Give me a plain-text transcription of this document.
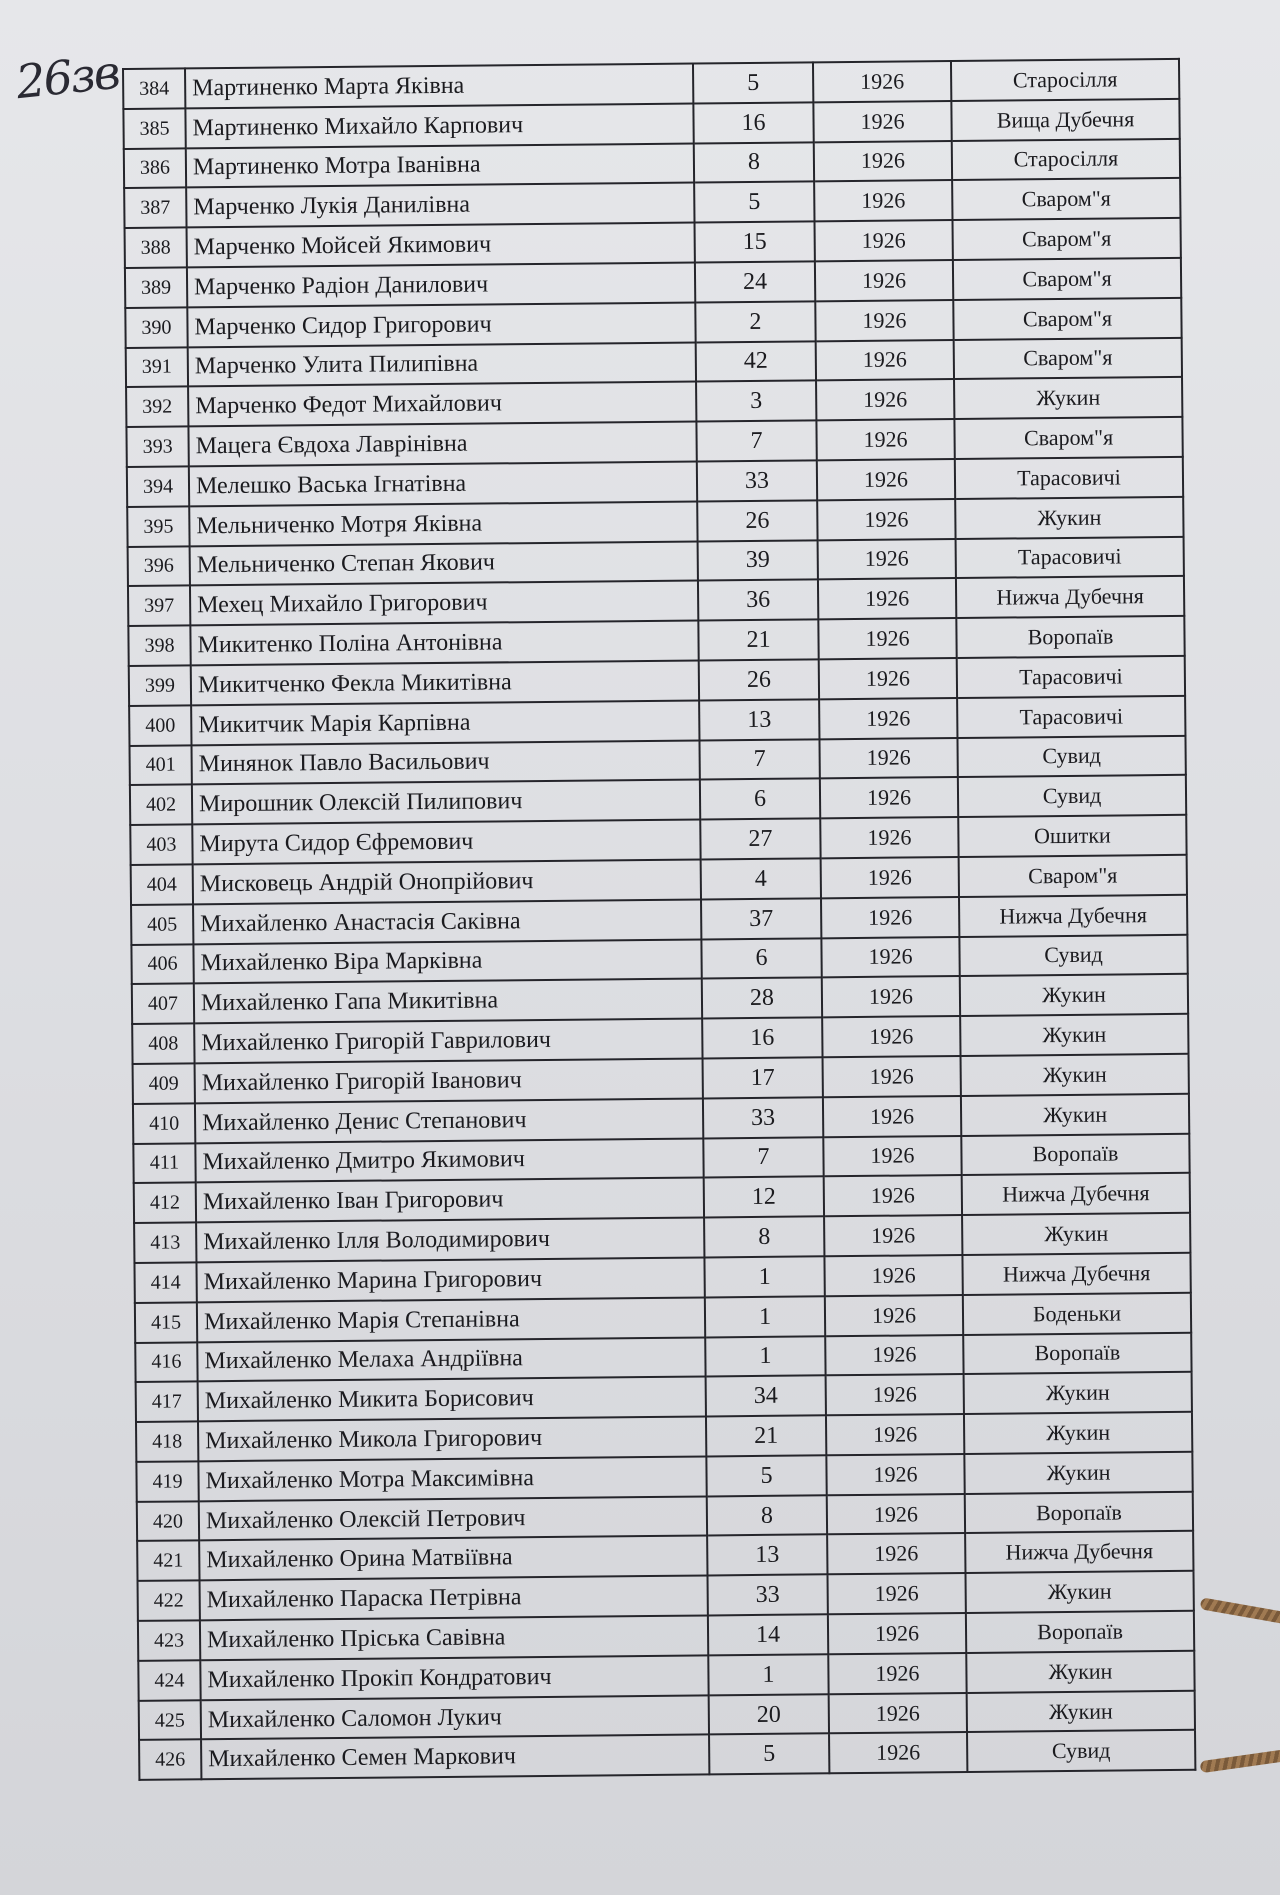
26зв 384	Мартиненко Марта Яківна	5	1926	Старосілля
385	Мартиненко Михайло Карпович	16	1926	Вища Дубечня
386	Мартиненко Мотра Іванівна	8	1926	Старосілля
387	Марченко Лукія Данилівна	5	1926	Сваром"я
388	Марченко Мойсей Якимович	15	1926	Сваром"я
389	Марченко Радіон Данилович	24	1926	Сваром"я
390	Марченко Сидор Григорович	2	1926	Сваром"я
391	Марченко Улита Пилипівна	42	1926	Сваром"я
392	Марченко Федот Михайлович	3	1926	Жукин
393	Мацега Євдоха Лаврінівна	7	1926	Сваром"я
394	Мелешко Васька Ігнатівна	33	1926	Тарасовичі
395	Мельниченко Мотря Яківна	26	1926	Жукин
396	Мельниченко Степан Якович	39	1926	Тарасовичі
397	Мехец Михайло Григорович	36	1926	Нижча Дубечня
398	Микитенко Поліна Антонівна	21	1926	Воропаїв
399	Микитченко Фекла Микитівна	26	1926	Тарасовичі
400	Микитчик Марія Карпівна	13	1926	Тарасовичі
401	Минянок Павло Васильович	7	1926	Сувид
402	Мирошник Олексій Пилипович	6	1926	Сувид
403	Мирута Сидор Єфремович	27	1926	Ошитки
404	Мисковець Андрій Онопрійович	4	1926	Сваром"я
405	Михайленко Анастасія Саківна	37	1926	Нижча Дубечня
406	Михайленко Віра Марківна	6	1926	Сувид
407	Михайленко Гапа Микитівна	28	1926	Жукин
408	Михайленко Григорій Гаврилович	16	1926	Жукин
409	Михайленко Григорій Іванович	17	1926	Жукин
410	Михайленко Денис Степанович	33	1926	Жукин
411	Михайленко Дмитро Якимович	7	1926	Воропаїв
412	Михайленко Іван Григорович	12	1926	Нижча Дубечня
413	Михайленко Ілля Володимирович	8	1926	Жукин
414	Михайленко Марина Григорович	1	1926	Нижча Дубечня
415	Михайленко Марія Степанівна	1	1926	Боденьки
416	Михайленко Мелаха Андріївна	1	1926	Воропаїв
417	Михайленко Микита Борисович	34	1926	Жукин
418	Михайленко Микола Григорович	21	1926	Жукин
419	Михайленко Мотра Максимівна	5	1926	Жукин
420	Михайленко Олексій Петрович	8	1926	Воропаїв
421	Михайленко Орина Матвіївна	13	1926	Нижча Дубечня
422	Михайленко Параска Петрівна	33	1926	Жукин
423	Михайленко Пріська Савівна	14	1926	Воропаїв
424	Михайленко Прокіп Кондратович	1	1926	Жукин
425	Михайленко Саломон Лукич	20	1926	Жукин
426	Михайленко Семен Маркович	5	1926	Сувид
